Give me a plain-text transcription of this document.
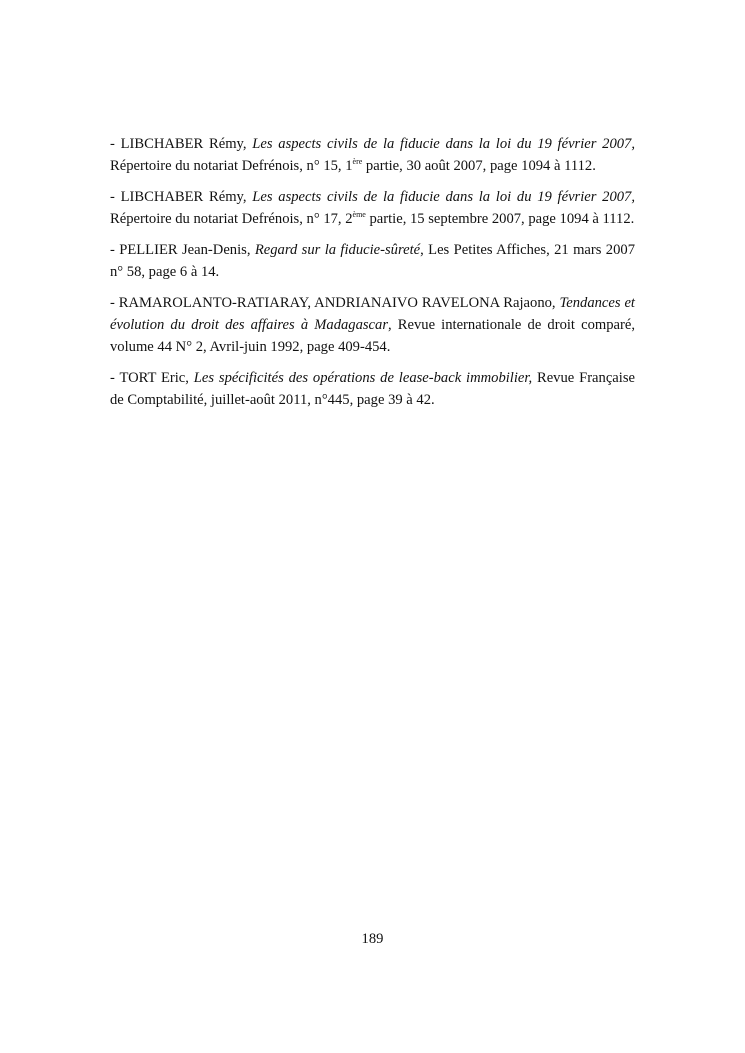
- LIBCHABER Rémy, Les aspects civils de la fiducie dans la loi du 19 février 2007, Répertoire du notariat Defrénois, n° 15, 1ère partie, 30 août 2007, page 1094 à 1112.

- LIBCHABER Rémy, Les aspects civils de la fiducie dans la loi du 19 février 2007, Répertoire du notariat Defrénois, n° 17, 2ème partie, 15 septembre 2007, page 1094 à 1112.

- PELLIER Jean-Denis, Regard sur la fiducie-sûreté, Les Petites Affiches, 21 mars 2007 n° 58, page 6 à 14.

- RAMAROLANTO-RATIARAY, ANDRIANAIVO RAVELONA Rajaono, Tendances et évolution du droit des affaires à Madagascar, Revue internationale de droit comparé, volume 44 N° 2, Avril-juin 1992, page 409-454.

- TORT Eric, Les spécificités des opérations de lease-back immobilier, Revue Française de Comptabilité, juillet-août 2011, n°445, page 39 à 42.

189
